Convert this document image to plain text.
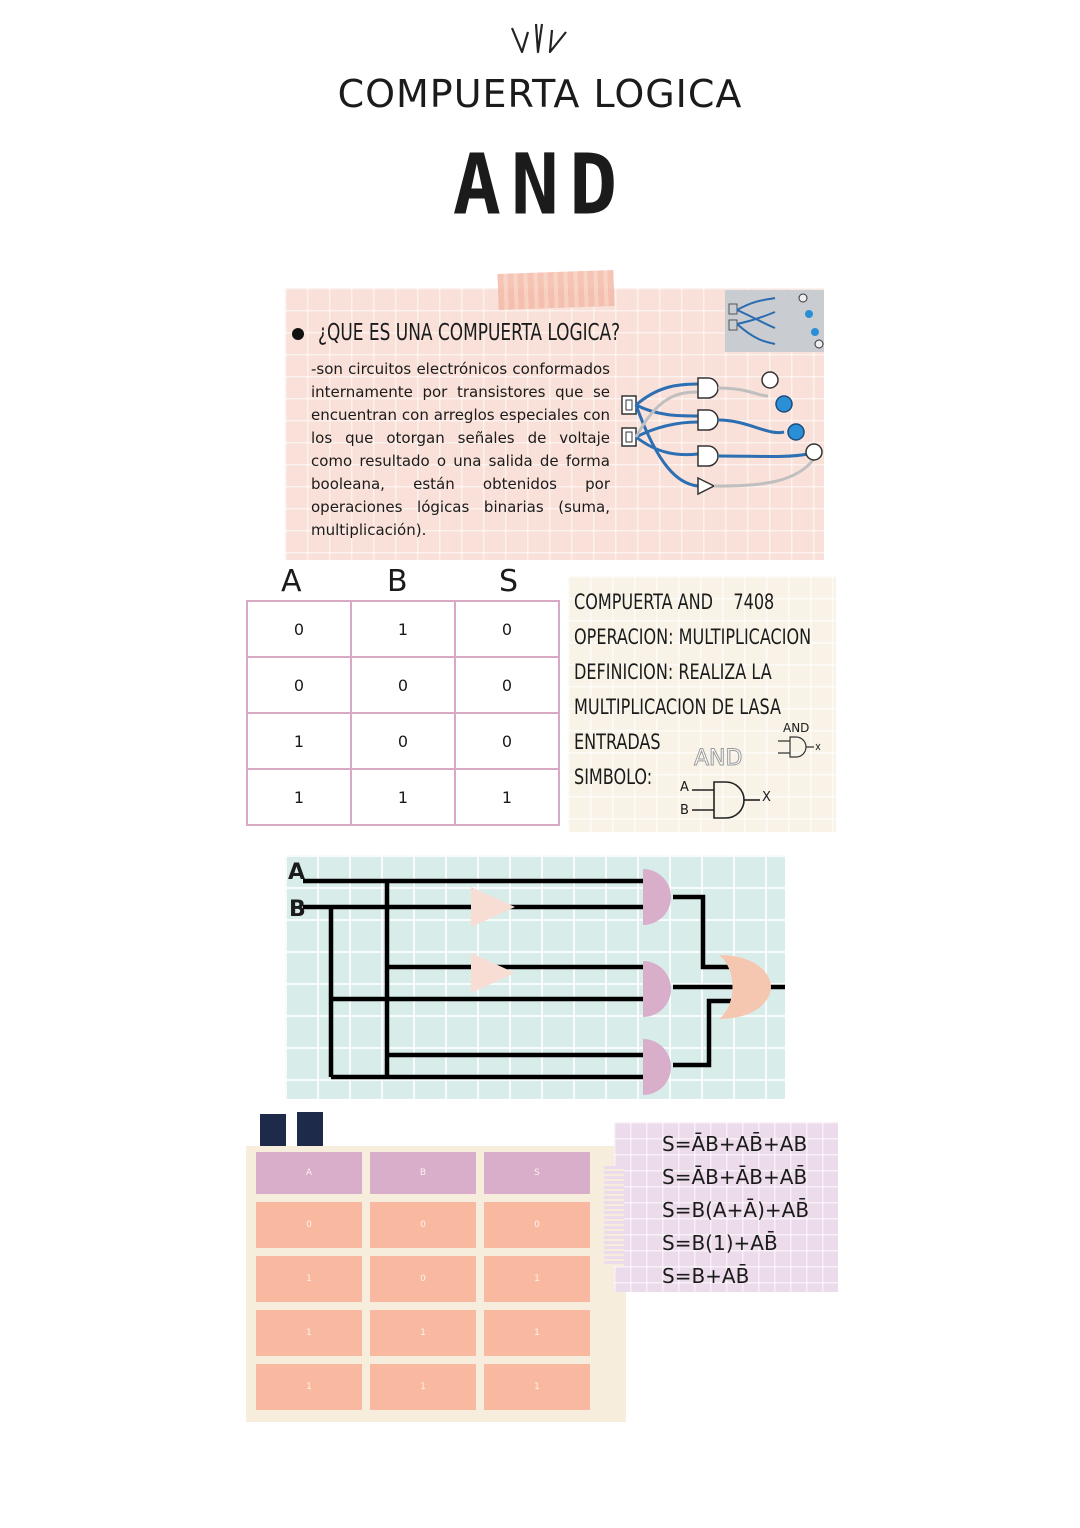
COMPUERTA LOGICA
AND
¿QUE ES UNA COMPUERTA LOGICA?
-son circuitos electrónicos conformados internamente por transistores que se encuentran con arreglos especiales con los que otorgan señales de voltaje como resultado o una salida de forma booleana, están obtenidos por operaciones lógicas binarias (suma, multiplicación).
A	B	S
0	1	0
0	0	0
1	0	0
1	1	1
COMPUERTA AND    7408
OPERACION: MULTIPLICACION
DEFINICION: REALIZA LA
MULTIPLICACION DE LASA
ENTRADAS
SIMBOLO:
AND
AND
A
B
X
A
B
A	B	S
0	0	0
1	0	1
1	1	1
1	1	1
S=ĀB+AB̄+AB
S=ĀB+ĀB+AB̄
S=B(A+Ā)+AB̄
S=B(1)+AB̄
S=B+AB̄
